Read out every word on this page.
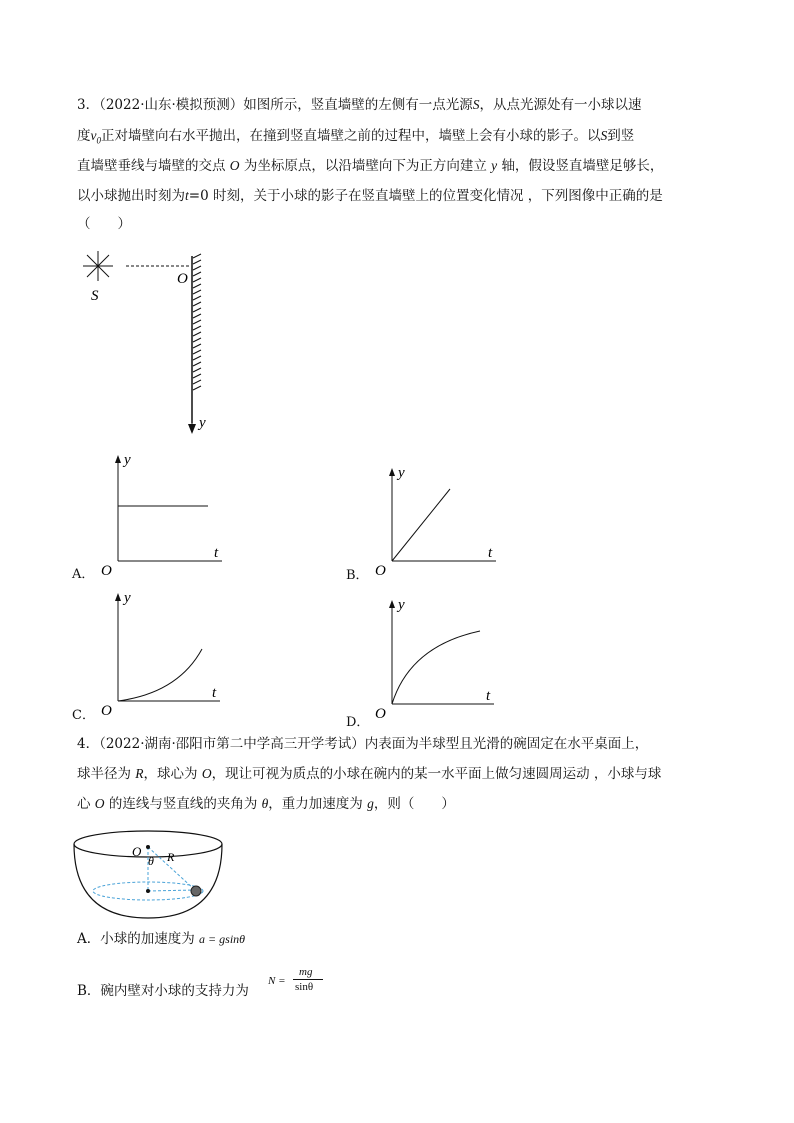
3．（2022·山东·模拟预测）如图所示，竖直墙壁的左侧有一点光源S，从点光源处有一小球以速
度$v_0$正对墙壁向右水平抛出，在撞到竖直墙壁之前的过程中，墙壁上会有小球的影子。以S到竖
直墙壁垂线与墙壁的交点 O 为坐标原点，以沿墙壁向下为正方向建立 y 轴，假设竖直墙壁足够长，
以小球抛出时刻为t=0 时刻，关于小球的影子在竖直墙壁上的位置变化情况 ，下列图像中正确的是
（　　）
S
O
y
A．
y
t
O	B．
y
t
O
C．
y
t
O
D．
y
t
O
4．（2022·湖南·邵阳市第二中学高三开学考试）内表面为半球型且光滑的碗固定在水平桌面上，
球半径为 R，球心为 O，现让可视为质点的小球在碗内的某一水平面上做匀速圆周运动 ，小球与球
心 O 的连线与竖直线的夹角为 θ，重力加速度为 g，则（　　）
O
θ R
A．小球的加速度为 a = gsinθ
B．碗内壁对小球的支持力为
N =
mg
sinθ
